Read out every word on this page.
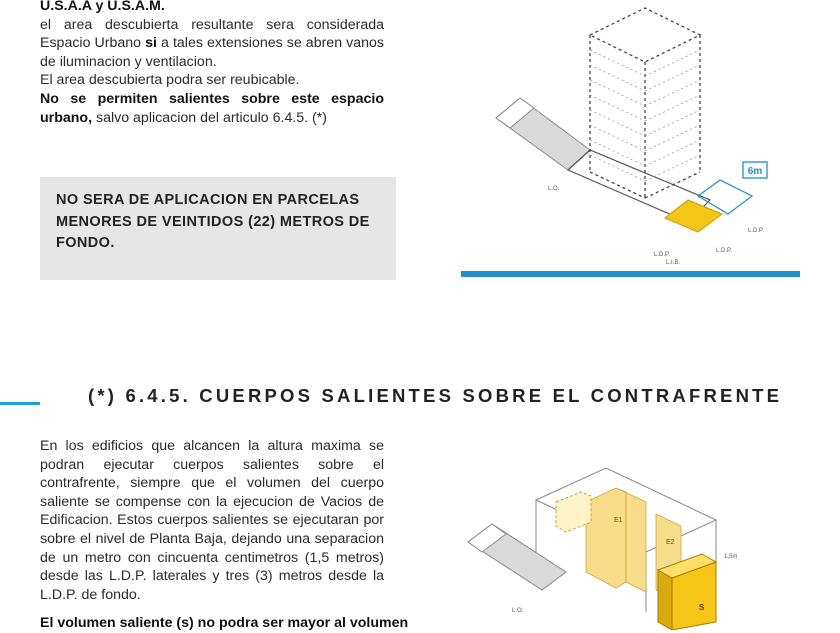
U.S.A.A y U.S.A.M.

el area descubierta resultante sera considerada Espacio Urbano si a tales extensiones se abren vanos de iluminacion y ventilacion.

El area descubierta podra ser reubicable.

No se permiten salientes sobre este espacio urbano, salvo aplicacion del articulo 6.4.5. (*)

NO SERA DE APLICACION EN PARCELAS
MENORES DE VEINTIDOS (22) METROS DE
FONDO.
6m
L.O.
L.D.P.
L.D.P.
L.D.P.
L.I.B.
(*) 6.4.5. CUERPOS SALIENTES SOBRE EL CONTRAFRENTE
En los edificios que alcancen la altura maxima se podran ejecutar cuerpos salientes sobre el contrafrente, siempre que el volumen del cuerpo saliente se compense con la ejecucion de Vacios de Edificacion. Estos cuerpos salientes se ejecutaran por sobre el nivel de Planta Baja, dejando una separacion de un metro con cincuenta centimetros (1,5 metros) desde las L.D.P. laterales y tres (3) metros desde la L.D.P. de fondo.
El volumen saliente (s) no podra ser mayor al volumen
E1
E2
S
L.O.
1,5m
